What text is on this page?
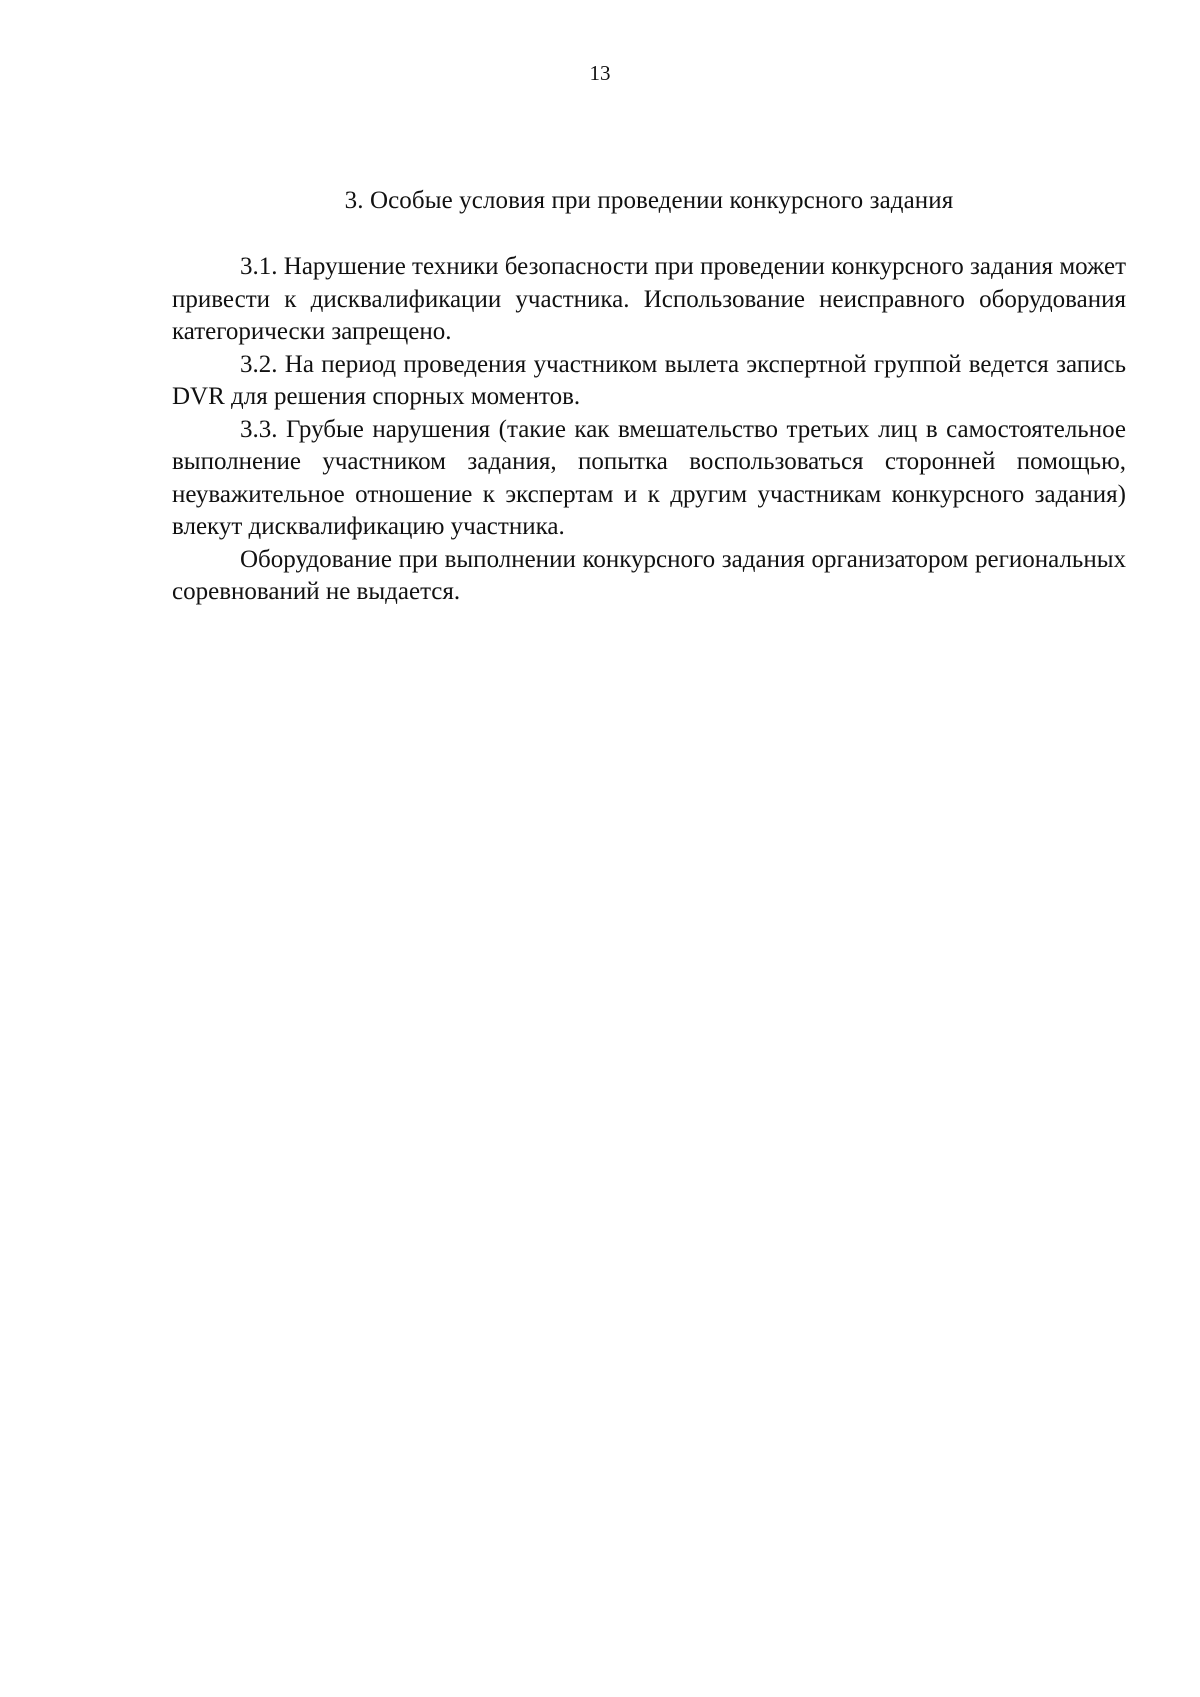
13
3. Особые условия при проведении конкурсного задания

3.1. Нарушение техники безопасности при проведении конкурсного задания может привести к дисквалификации участника. Использование неисправного оборудования категорически запрещено.

3.2. На период проведения участником вылета экспертной группой ведется запись DVR для решения спорных моментов.

3.3. Грубые нарушения (такие как вмешательство третьих лиц в самостоятельное выполнение участником задания, попытка воспользоваться сторонней помощью, неуважительное отношение к экспертам и к другим участникам конкурсного задания) влекут дисквалификацию участника.

Оборудование при выполнении конкурсного задания организатором региональных соревнований не выдается.
